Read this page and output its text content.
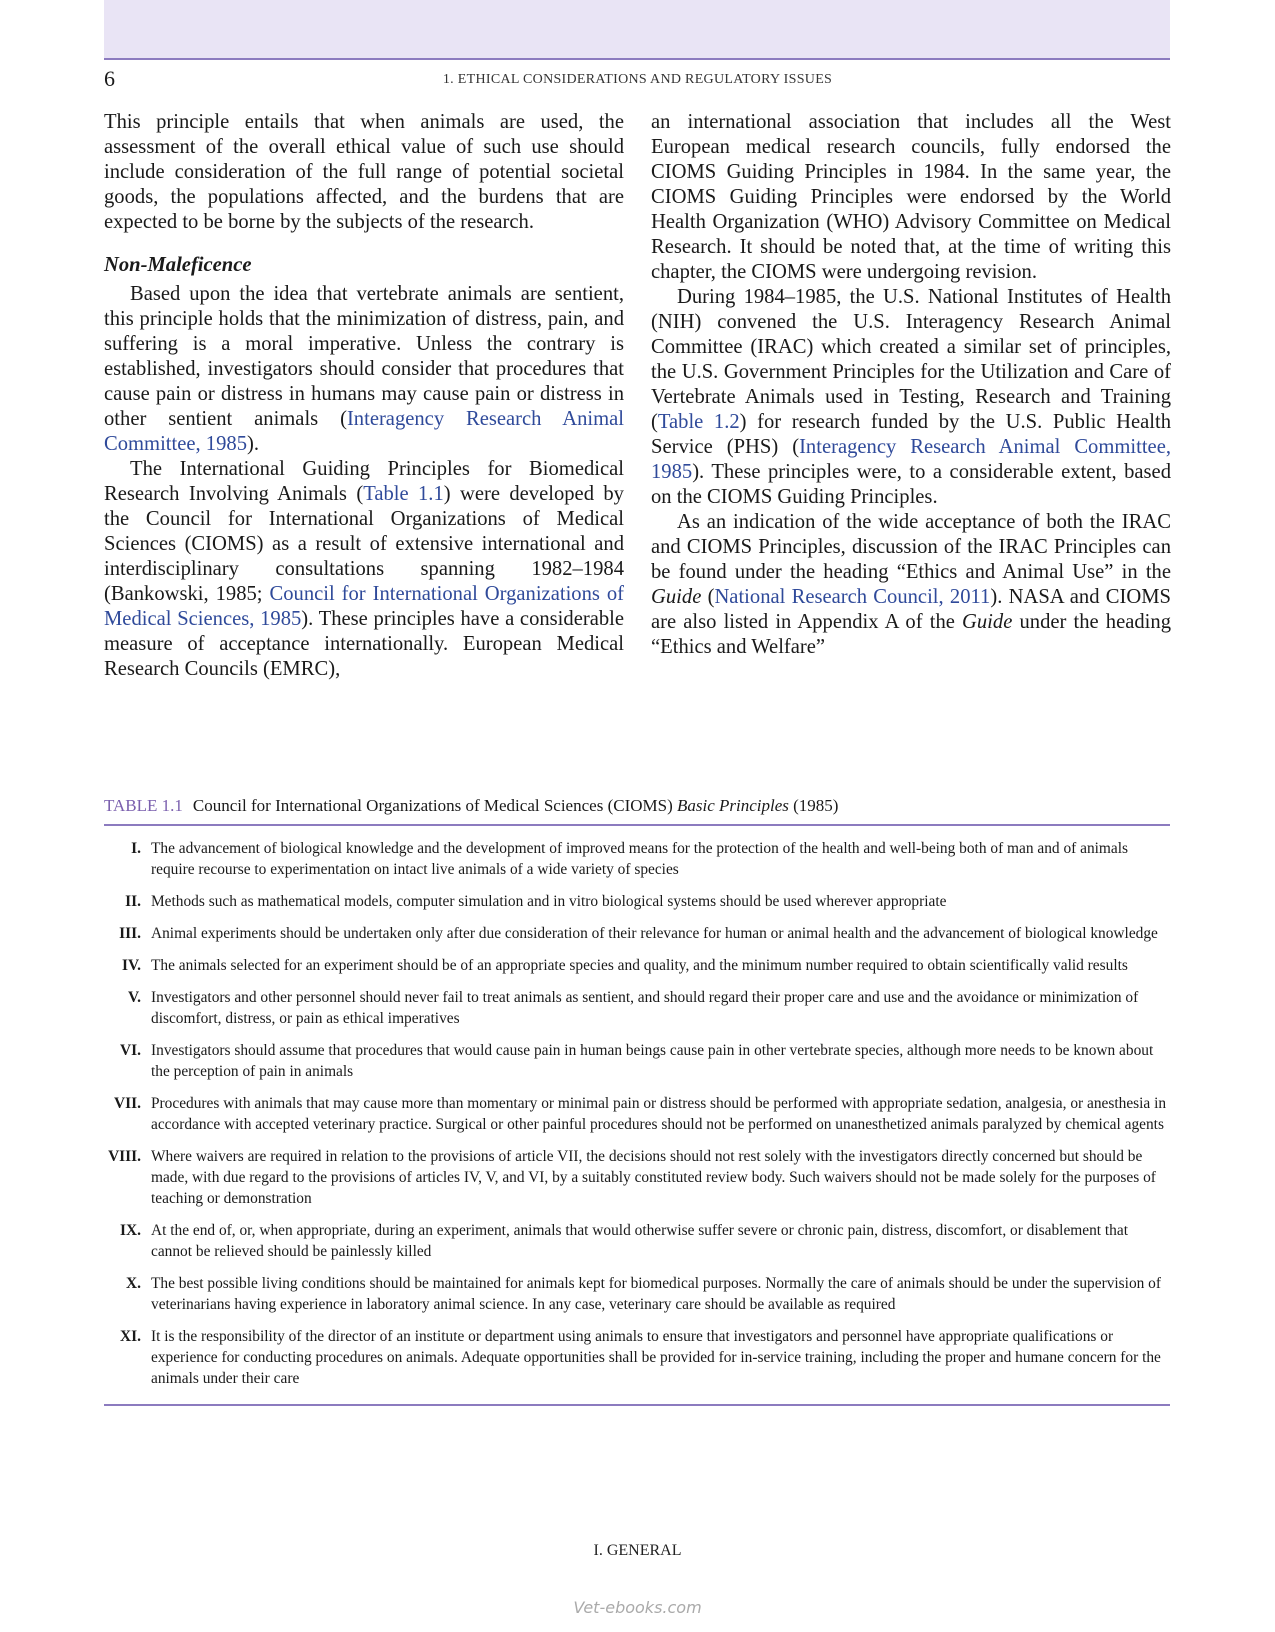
6	1. ETHICAL CONSIDERATIONS AND REGULATORY ISSUES

This principle entails that when animals are used, the assessment of the overall ethical value of such use should include consideration of the full range of potential societal goods, the populations affected, and the burdens that are expected to be borne by the subjects of the research.

Non-Maleficence

Based upon the idea that vertebrate animals are sentient, this principle holds that the minimization of distress, pain, and suffering is a moral imperative. Unless the contrary is established, investigators should consider that procedures that cause pain or distress in humans may cause pain or distress in other sentient animals (Interagency Research Animal Committee, 1985).

The International Guiding Principles for Biomedical Research Involving Animals (Table 1.1) were developed by the Council for International Organizations of Medical Sciences (CIOMS) as a result of extensive international and interdisciplinary consultations spanning 1982–1984 (Bankowski, 1985; Council for International Organizations of Medical Sciences, 1985). These principles have a considerable measure of acceptance internationally. European Medical Research Councils (EMRC),

an international association that includes all the West European medical research councils, fully endorsed the CIOMS Guiding Principles in 1984. In the same year, the CIOMS Guiding Principles were endorsed by the World Health Organization (WHO) Advisory Committee on Medical Research. It should be noted that, at the time of writing this chapter, the CIOMS were undergoing revision.

During 1984–1985, the U.S. National Institutes of Health (NIH) convened the U.S. Interagency Research Animal Committee (IRAC) which created a similar set of principles, the U.S. Government Principles for the Utilization and Care of Vertebrate Animals used in Testing, Research and Training (Table 1.2) for research funded by the U.S. Public Health Service (PHS) (Interagency Research Animal Committee, 1985). These principles were, to a considerable extent, based on the CIOMS Guiding Principles.

As an indication of the wide acceptance of both the IRAC and CIOMS Principles, discussion of the IRAC Principles can be found under the heading “Ethics and Animal Use” in the Guide (National Research Council, 2011). NASA and CIOMS are also listed in Appendix A of the Guide under the heading “Ethics and Welfare”

TABLE 1.1 Council for International Organizations of Medical Sciences (CIOMS) Basic Principles (1985)
I. The advancement of biological knowledge and the development of improved means for the protection of the health and well-being both of man and of animals require recourse to experimentation on intact live animals of a wide variety of species
II. Methods such as mathematical models, computer simulation and in vitro biological systems should be used wherever appropriate
III. Animal experiments should be undertaken only after due consideration of their relevance for human or animal health and the advancement of biological knowledge
IV. The animals selected for an experiment should be of an appropriate species and quality, and the minimum number required to obtain scientifically valid results
V. Investigators and other personnel should never fail to treat animals as sentient, and should regard their proper care and use and the avoidance or minimization of discomfort, distress, or pain as ethical imperatives
VI. Investigators should assume that procedures that would cause pain in human beings cause pain in other vertebrate species, although more needs to be known about the perception of pain in animals
VII. Procedures with animals that may cause more than momentary or minimal pain or distress should be performed with appropriate sedation, analgesia, or anesthesia in accordance with accepted veterinary practice. Surgical or other painful procedures should not be performed on unanesthetized animals paralyzed by chemical agents
VIII. Where waivers are required in relation to the provisions of article VII, the decisions should not rest solely with the investigators directly concerned but should be made, with due regard to the provisions of articles IV, V, and VI, by a suitably constituted review body. Such waivers should not be made solely for the purposes of teaching or demonstration
IX. At the end of, or, when appropriate, during an experiment, animals that would otherwise suffer severe or chronic pain, distress, discomfort, or disablement that cannot be relieved should be painlessly killed
X. The best possible living conditions should be maintained for animals kept for biomedical purposes. Normally the care of animals should be under the supervision of veterinarians having experience in laboratory animal science. In any case, veterinary care should be available as required
XI. It is the responsibility of the director of an institute or department using animals to ensure that investigators and personnel have appropriate qualifications or experience for conducting procedures on animals. Adequate opportunities shall be provided for in-service training, including the proper and humane concern for the animals under their care
I. GENERAL
Vet-ebooks.com
